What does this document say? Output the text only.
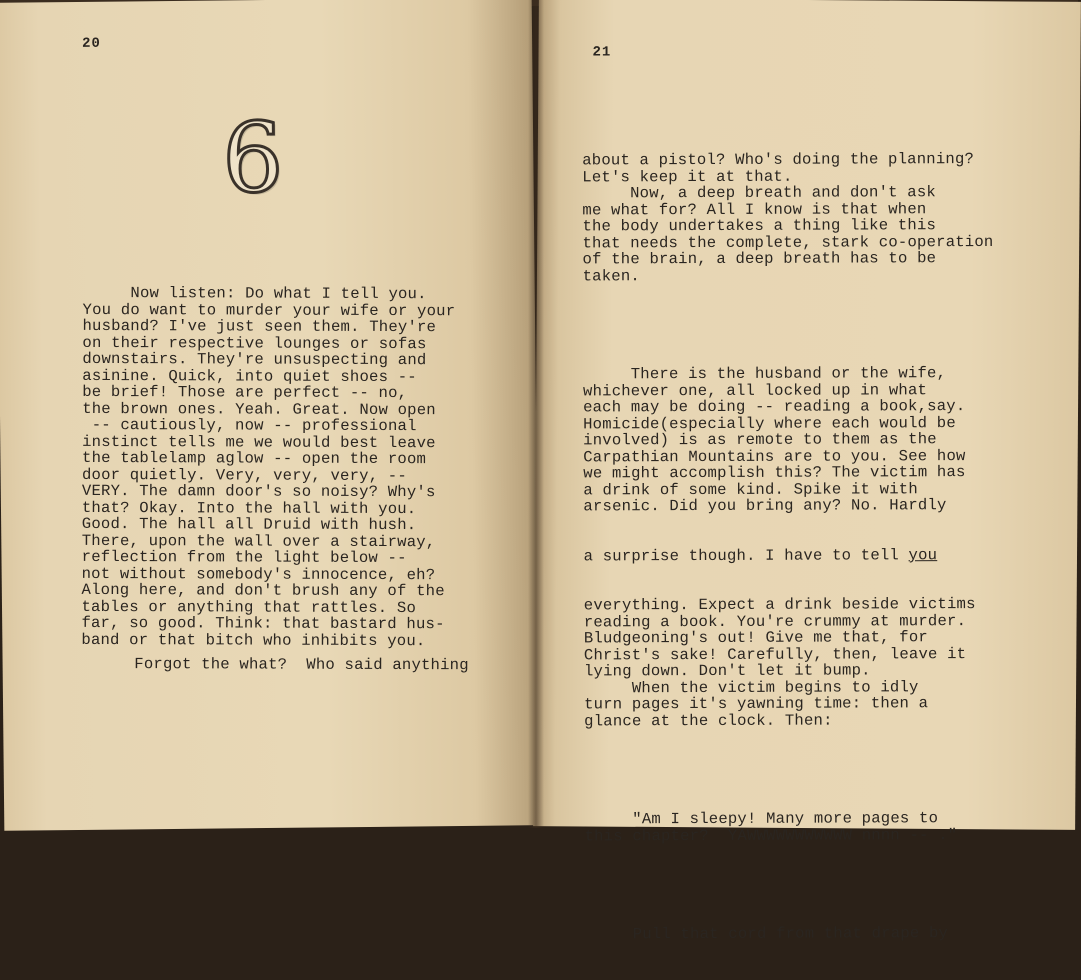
20
6
Now listen: Do what I tell you.
You do want to murder your wife or your
husband? I've just seen them. They're
on their respective lounges or sofas
downstairs. They're unsuspecting and
asinine. Quick, into quiet shoes --
be brief! Those are perfect -- no,
the brown ones. Yeah. Great. Now open
-- cautiously, now -- professional
instinct tells me we would best leave
the tablelamp aglow -- open the room
door quietly. Very, very, very, --
VERY. The damn door's so noisy? Why's
that? Okay. Into the hall with you.
Good. The hall all Druid with hush.
There, upon the wall over a stairway,
reflection from the light below --
not without somebody's innocence, eh?
Along here, and don't brush any of the
tables or anything that rattles. So
far, so good. Think: that bastard hus-
band or that bitch who inhibits you.
Forgot the what?  Who said anything
21

about a pistol? Who's doing the planning?
Let's keep it at that.
Now, a deep breath and don't ask
me what for? All I know is that when
the body undertakes a thing like this
that needs the complete, stark co-operation
of the brain, a deep breath has to be
taken.

There is the husband or the wife,
whichever one, all locked up in what
each may be doing -- reading a book,say.
Homicide(especially where each would be
involved) is as remote to them as the
Carpathian Mountains are to you. See how
we might accomplish this? The victim has
a drink of some kind. Spike it with
arsenic. Did you bring any? No. Hardly

a surprise though. I have to tell you

everything. Expect a drink beside victims
reading a book. You're crummy at murder.
Bludgeoning's out! Give me that, for
Christ's sake! Carefully, then, leave it
lying down. Don't let it bump.
When the victim begins to idly
turn pages it's yawning time: then a
glance at the clock. Then:

"Am I sleepy! Many more pages to
this chapter?  YAWWWWWWWWWWW nnnn -- ."

Pull that cord from that drape by
